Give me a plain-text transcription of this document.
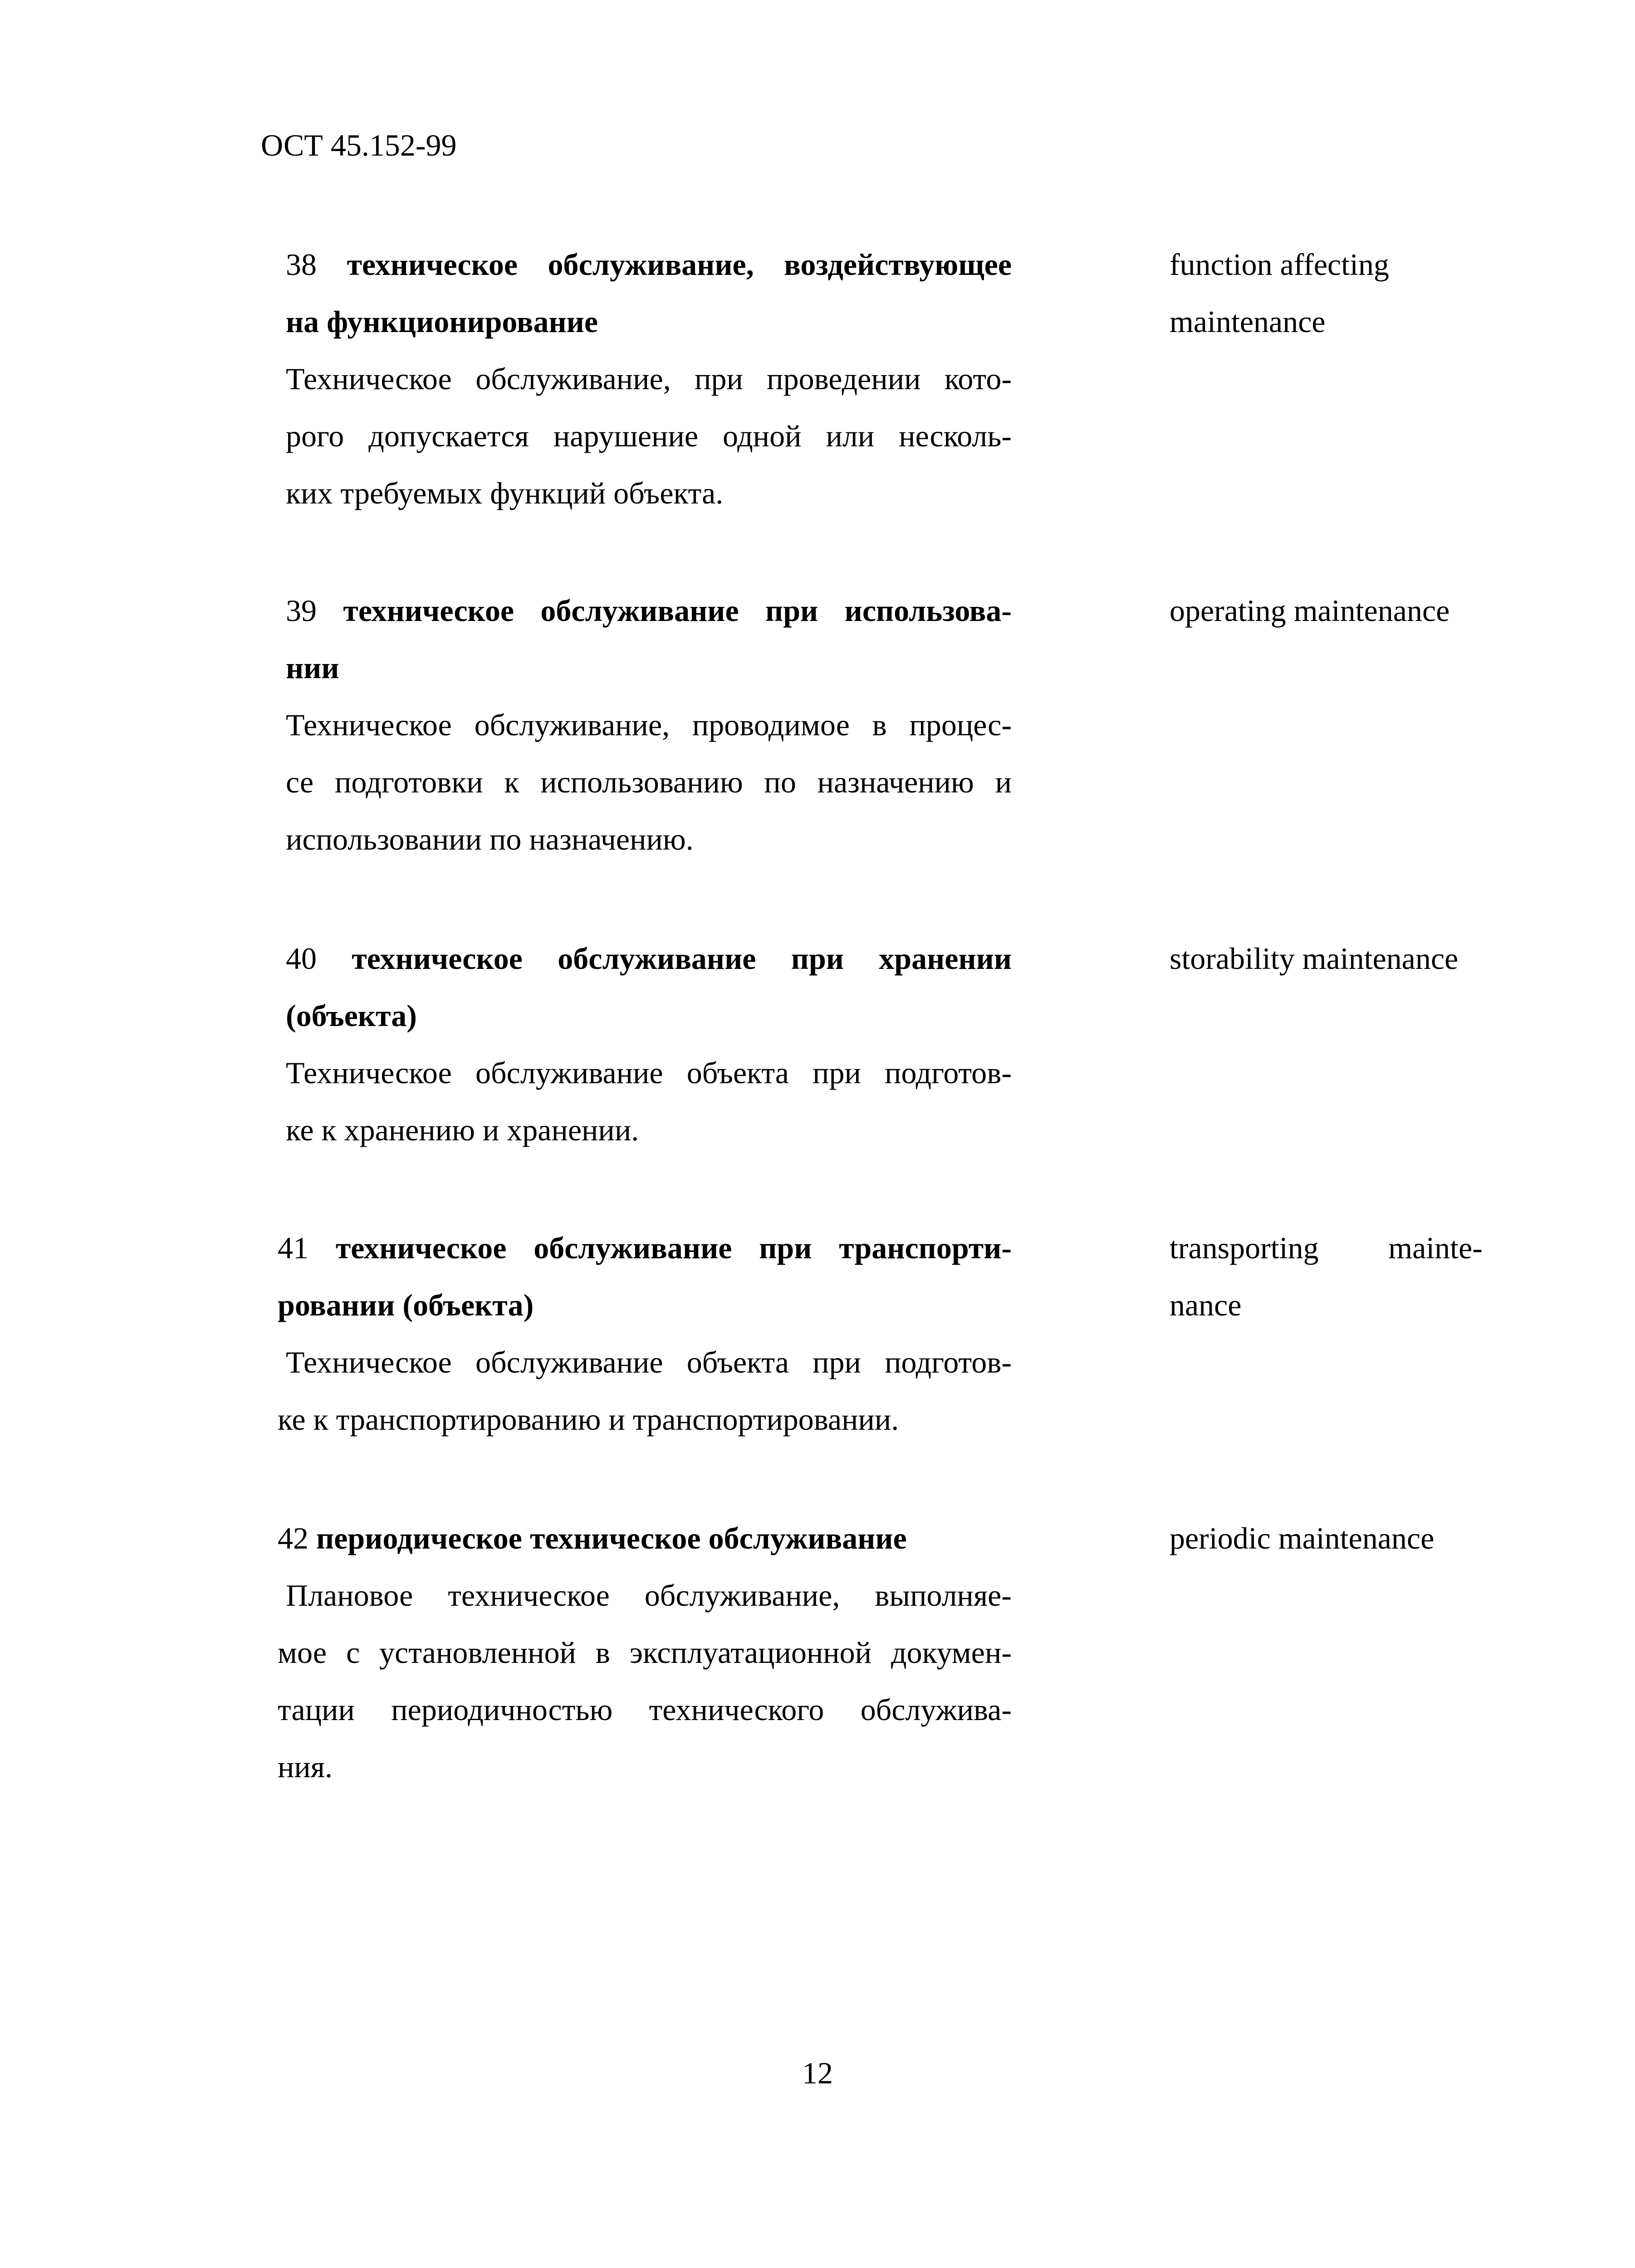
ОСТ 45.152-99
38 техническое обслуживание, воздействующее
на функционирование
Техническое обслуживание, при проведении кото-
рого допускается нарушение одной или несколь-
ких требуемых функций объекта.
function affecting
maintenance
39 техническое обслуживание при использова-
нии
Техническое обслуживание, проводимое в процес-
се подготовки к использованию по назначению и
использовании по назначению.
operating maintenance
40 техническое обслуживание при хранении
(объекта)
Техническое обслуживание объекта при подготов-
ке к хранению и хранении.
storability maintenance
41 техническое обслуживание при транспорти-
ровании (объекта)
Техническое обслуживание объекта при подготов-
ке к транспортированию и транспортировании.
transporting mainte-
nance
42 периодическое техническое обслуживание
Плановое техническое обслуживание, выполняе-
мое с установленной в эксплуатационной докумен-
тации периодичностью технического обслужива-
ния.
periodic maintenance
12
